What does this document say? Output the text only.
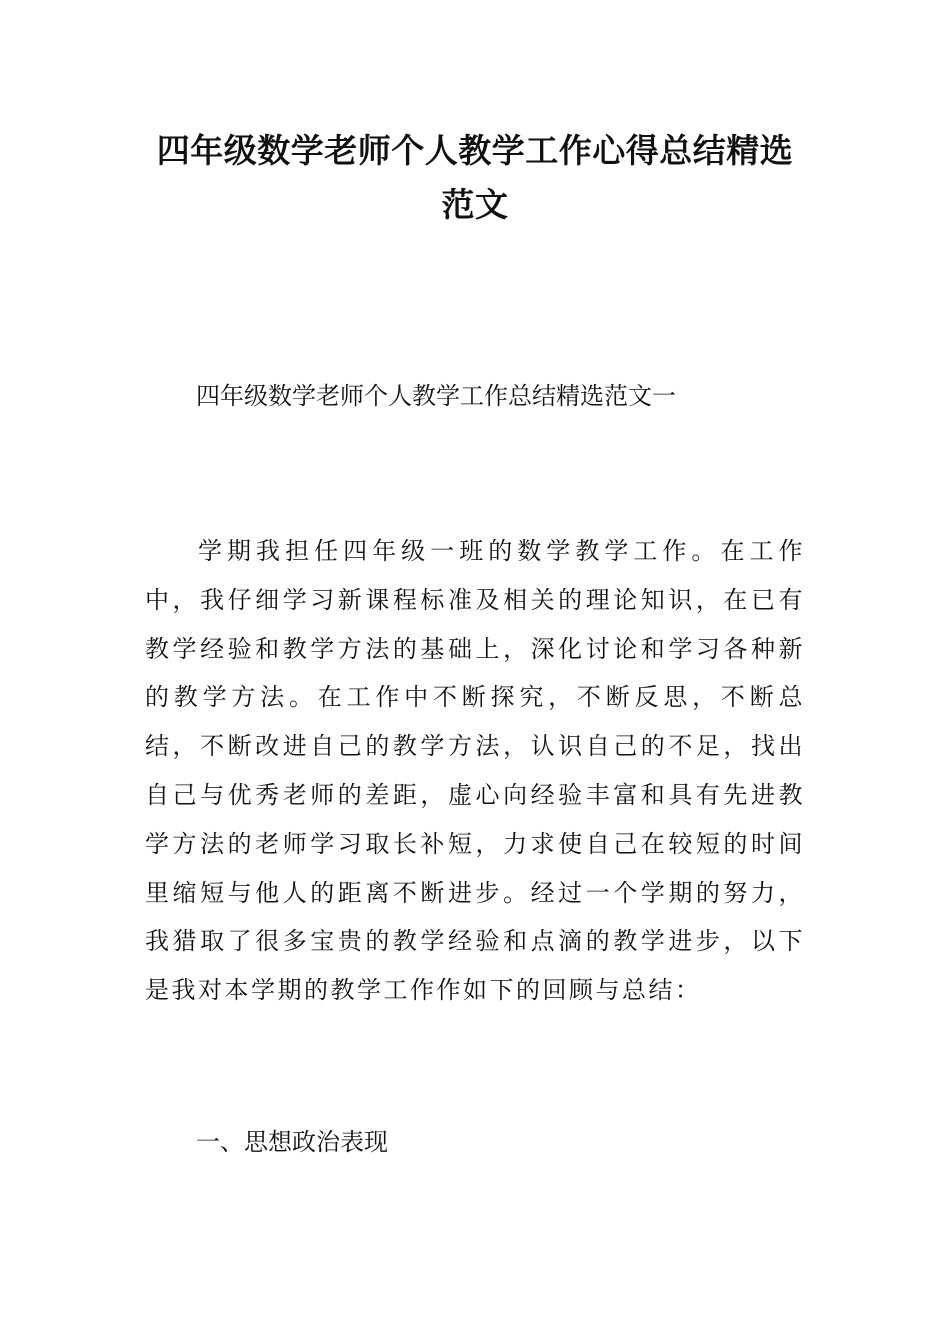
四年级数学老师个人教学工作心得总结精选范文

四年级数学老师个人教学工作总结精选范文一

学期我担任四年级一班的数学教学工作。在工作中，我仔细学习新课程标准及相关的理论知识，在已有教学经验和教学方法的基础上，深化讨论和学习各种新的教学方法。在工作中不断探究，不断反思，不断总结，不断改进自己的教学方法，认识自己的不足，找出自己与优秀老师的差距，虚心向经验丰富和具有先进教学方法的老师学习取长补短，力求使自己在较短的时间里缩短与他人的距离不断进步。经过一个学期的努力，我猎取了很多宝贵的教学经验和点滴的教学进步，以下是我对本学期的教学工作作如下的回顾与总结：

一、思想政治表现
